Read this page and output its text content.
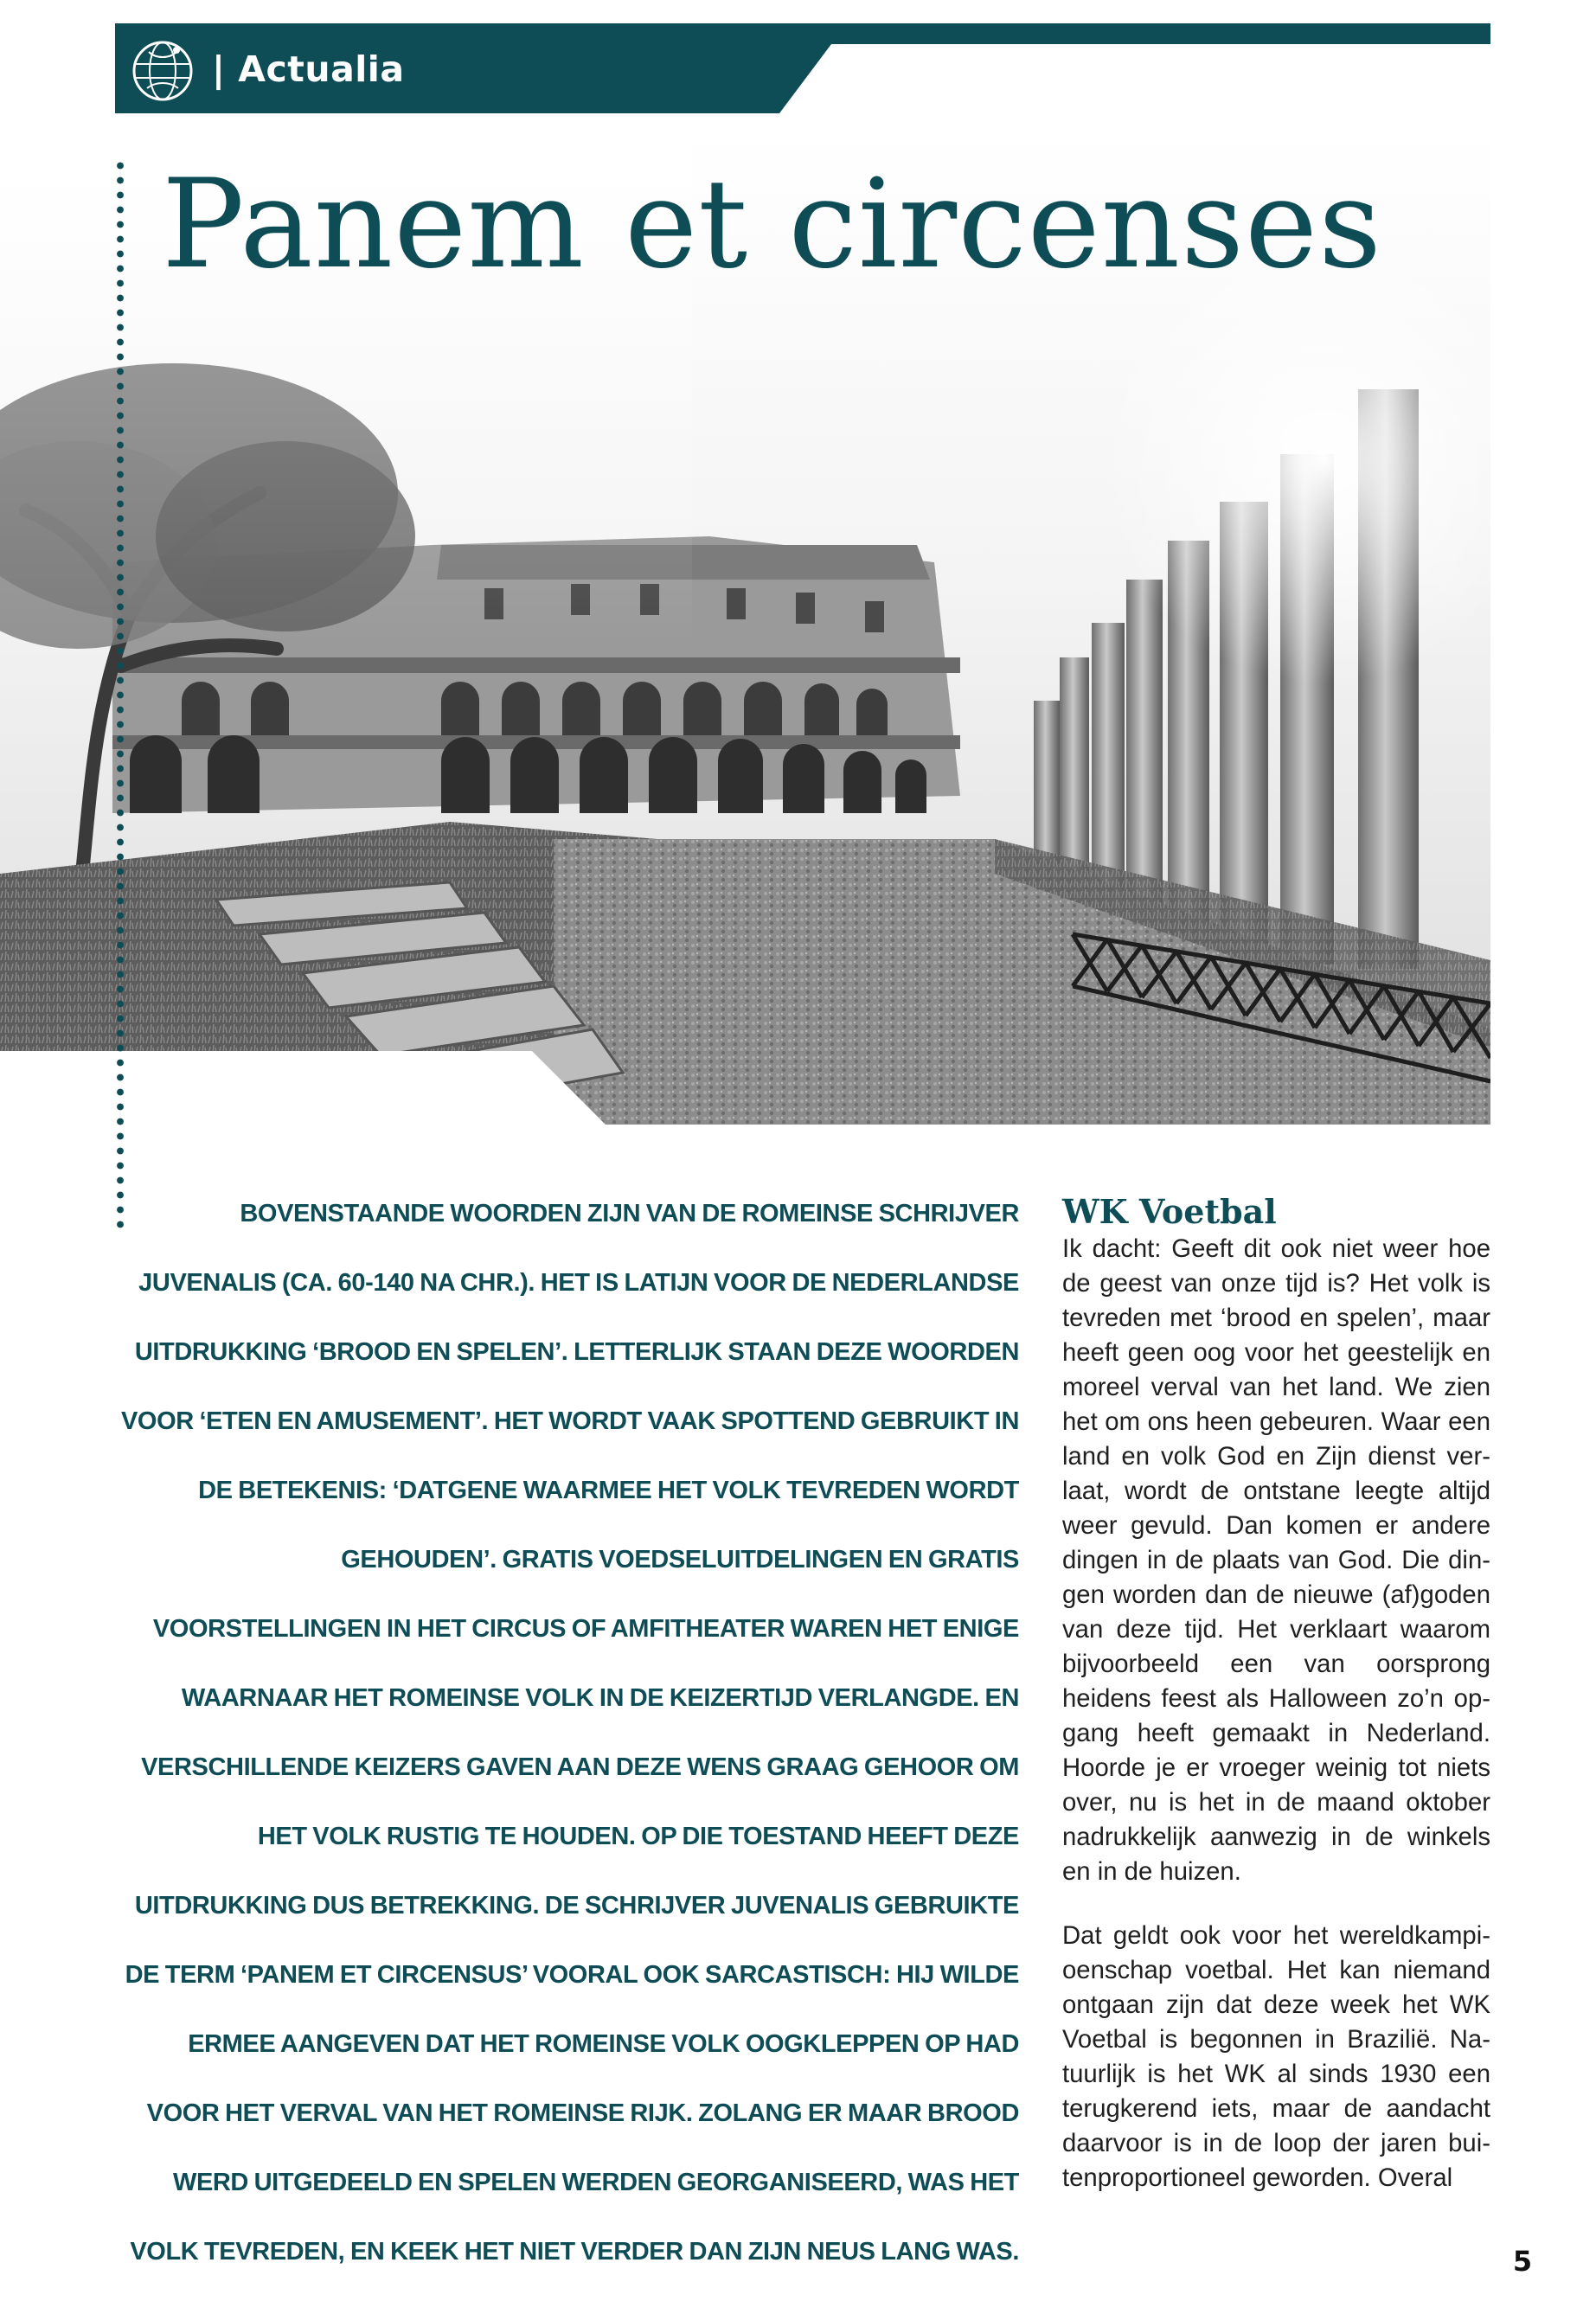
| Actualia
Panem et circenses

BOVENSTAANDE WOORDEN ZIJN VAN DE ROMEINSE SCHRIJVER JUVENALIS (CA. 60-140 NA CHR.). HET IS LATIJN VOOR DE NEDERLANDSE UITDRUKKING ‘BROOD EN SPELEN’. LETTERLIJK STAAN DEZE WOORDEN VOOR ‘ETEN EN AMUSEMENT’. HET WORDT VAAK SPOTTEND GEBRUIKT IN DE BETEKENIS: ‘DATGENE WAARMEE HET VOLK TEVREDEN WORDT GEHOUDEN’. GRATIS VOEDSELUITDELINGEN EN GRATIS VOORSTELLINGEN IN HET CIRCUS OF AMFITHEATER WAREN HET ENIGE WAARNAAR HET ROMEINSE VOLK IN DE KEIZERTIJD VERLANGDE. EN VERSCHILLENDE KEIZERS GAVEN AAN DEZE WENS GRAAG GEHOOR OM HET VOLK RUSTIG TE HOUDEN. OP DIE TOESTAND HEEFT DEZE UITDRUKKING DUS BETREKKING. DE SCHRIJVER JUVENALIS GEBRUIKTE DE TERM ‘PANEM ET CIRCENSUS’ VOORAL OOK SARCASTISCH: HIJ WILDE ERMEE AANGEVEN DAT HET ROMEINSE VOLK OOGKLEPPEN OP HAD VOOR HET VERVAL VAN HET ROMEINSE RIJK. ZOLANG ER MAAR BROOD WERD UITGEDEELD EN SPELEN WERDEN GEORGANISEERD, WAS HET VOLK TEVREDEN, EN KEEK HET NIET VERDER DAN ZIJN NEUS LANG WAS.

WK Voetbal

Ik dacht: Geeft dit ook niet weer hoe de geest van onze tijd is? Het volk is tevreden met ‘brood en spelen’, maar heeft geen oog voor het geestelijk en moreel verval van het land. We zien het om ons heen gebeuren. Waar een land en volk God en Zijn dienst verlaat, wordt de ontstane leegte altijd weer gevuld. Dan komen er andere dingen in de plaats van God. Die dingen worden dan de nieuwe (af)goden van deze tijd. Het verklaart waarom bijvoorbeeld een van oorsprong heidens feest als Halloween zo’n opgang heeft gemaakt in Nederland. Hoorde je er vroeger weinig tot niets over, nu is het in de maand oktober nadrukkelijk aanwezig in de winkels en in de huizen.

Dat geldt ook voor het wereldkampioenschap voetbal. Het kan niemand ontgaan zijn dat deze week het WK Voetbal is begonnen in Brazilië. Natuurlijk is het WK al sinds 1930 een terugkerend iets, maar de aandacht daarvoor is in de loop der jaren buitenproportioneel geworden. Overal

5
